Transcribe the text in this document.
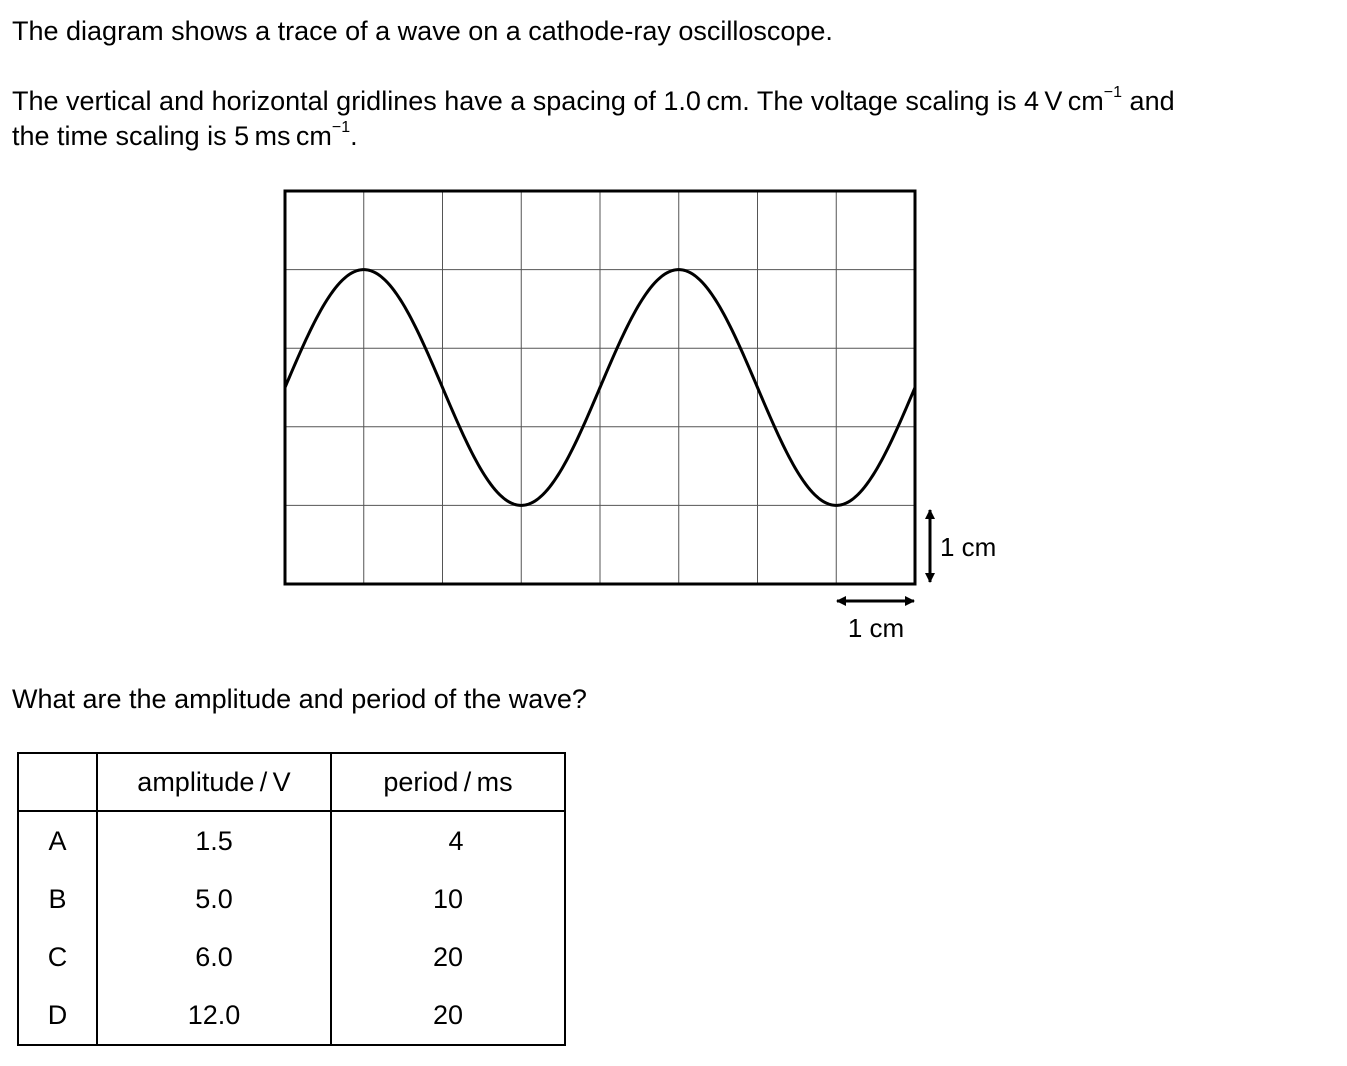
The diagram shows a trace of a wave on a cathode-ray oscilloscope.
The vertical and horizontal gridlines have a spacing of 1.0 cm. The voltage scaling is 4 V $cm^{-1}$ and
the time scaling is 5 ms $cm^{-1}$.
1 cm
1 cm
What are the amplitude and period of the wave?
	amplitude / V	period / ms
A	1.5	4
B	5.0	10
C	6.0	20
D	12.0	20
